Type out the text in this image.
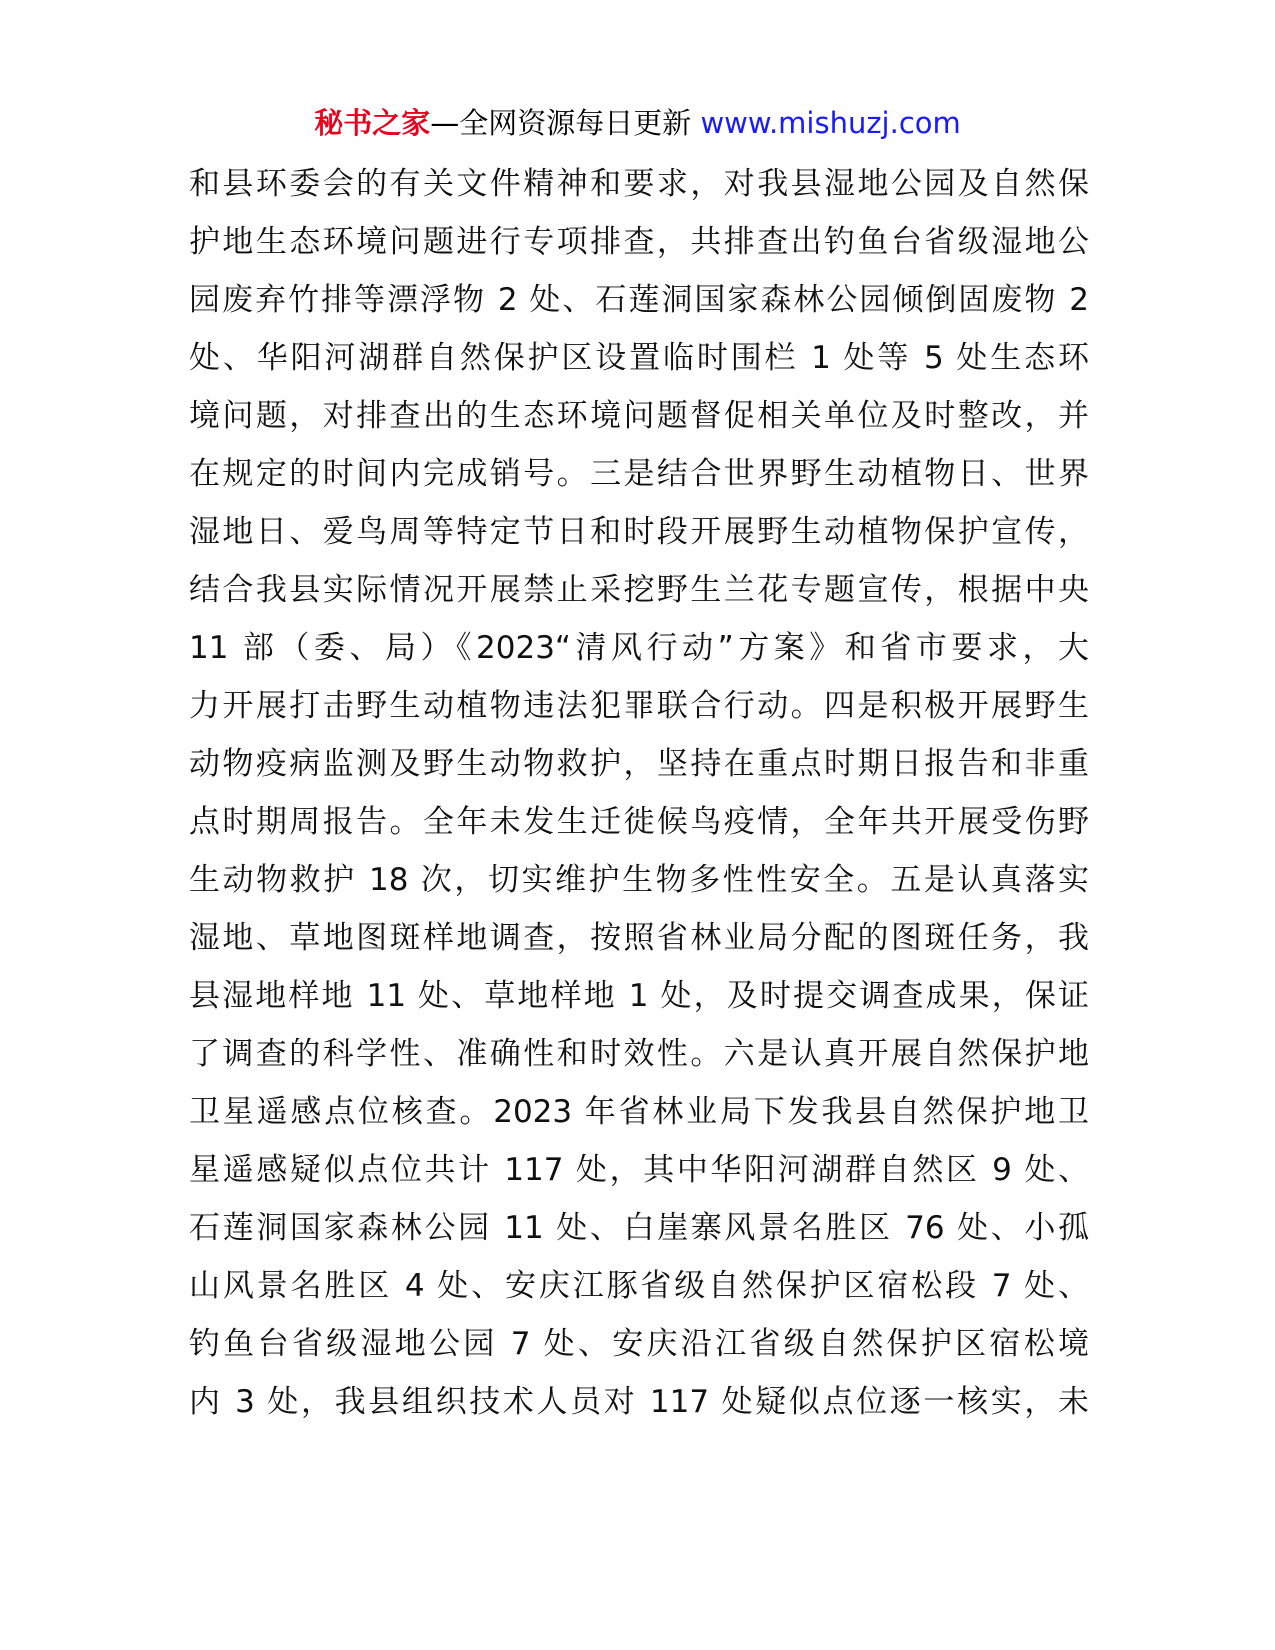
秘书之家—全网资源每日更新 www.mishuzj.com
和县环委会的有关文件精神和要求，对我县湿地公园及自然保
护地生态环境问题进行专项排查，共排查出钓鱼台省级湿地公
园废弃竹排等漂浮物 2 处、石莲洞国家森林公园倾倒固废物 2
处、华阳河湖群自然保护区设置临时围栏 1 处等 5 处生态环
境问题，对排查出的生态环境问题督促相关单位及时整改，并
在规定的时间内完成销号。三是结合世界野生动植物日、世界
湿地日、爱鸟周等特定节日和时段开展野生动植物保护宣传，
结合我县实际情况开展禁止采挖野生兰花专题宣传，根据中央
11 部（委、局）《2023“清风行动”方案》和省市要求，大
力开展打击野生动植物违法犯罪联合行动。四是积极开展野生
动物疫病监测及野生动物救护，坚持在重点时期日报告和非重
点时期周报告。全年未发生迁徙候鸟疫情，全年共开展受伤野
生动物救护 18 次，切实维护生物多性性安全。五是认真落实
湿地、草地图斑样地调查，按照省林业局分配的图斑任务，我
县湿地样地 11 处、草地样地 1 处，及时提交调查成果，保证
了调查的科学性、准确性和时效性。六是认真开展自然保护地
卫星遥感点位核查。2023 年省林业局下发我县自然保护地卫
星遥感疑似点位共计 117 处，其中华阳河湖群自然区 9 处、
石莲洞国家森林公园 11 处、白崖寨风景名胜区 76 处、小孤
山风景名胜区 4 处、安庆江豚省级自然保护区宿松段 7 处、
钓鱼台省级湿地公园 7 处、安庆沿江省级自然保护区宿松境
内 3 处，我县组织技术人员对 117 处疑似点位逐一核实，未
